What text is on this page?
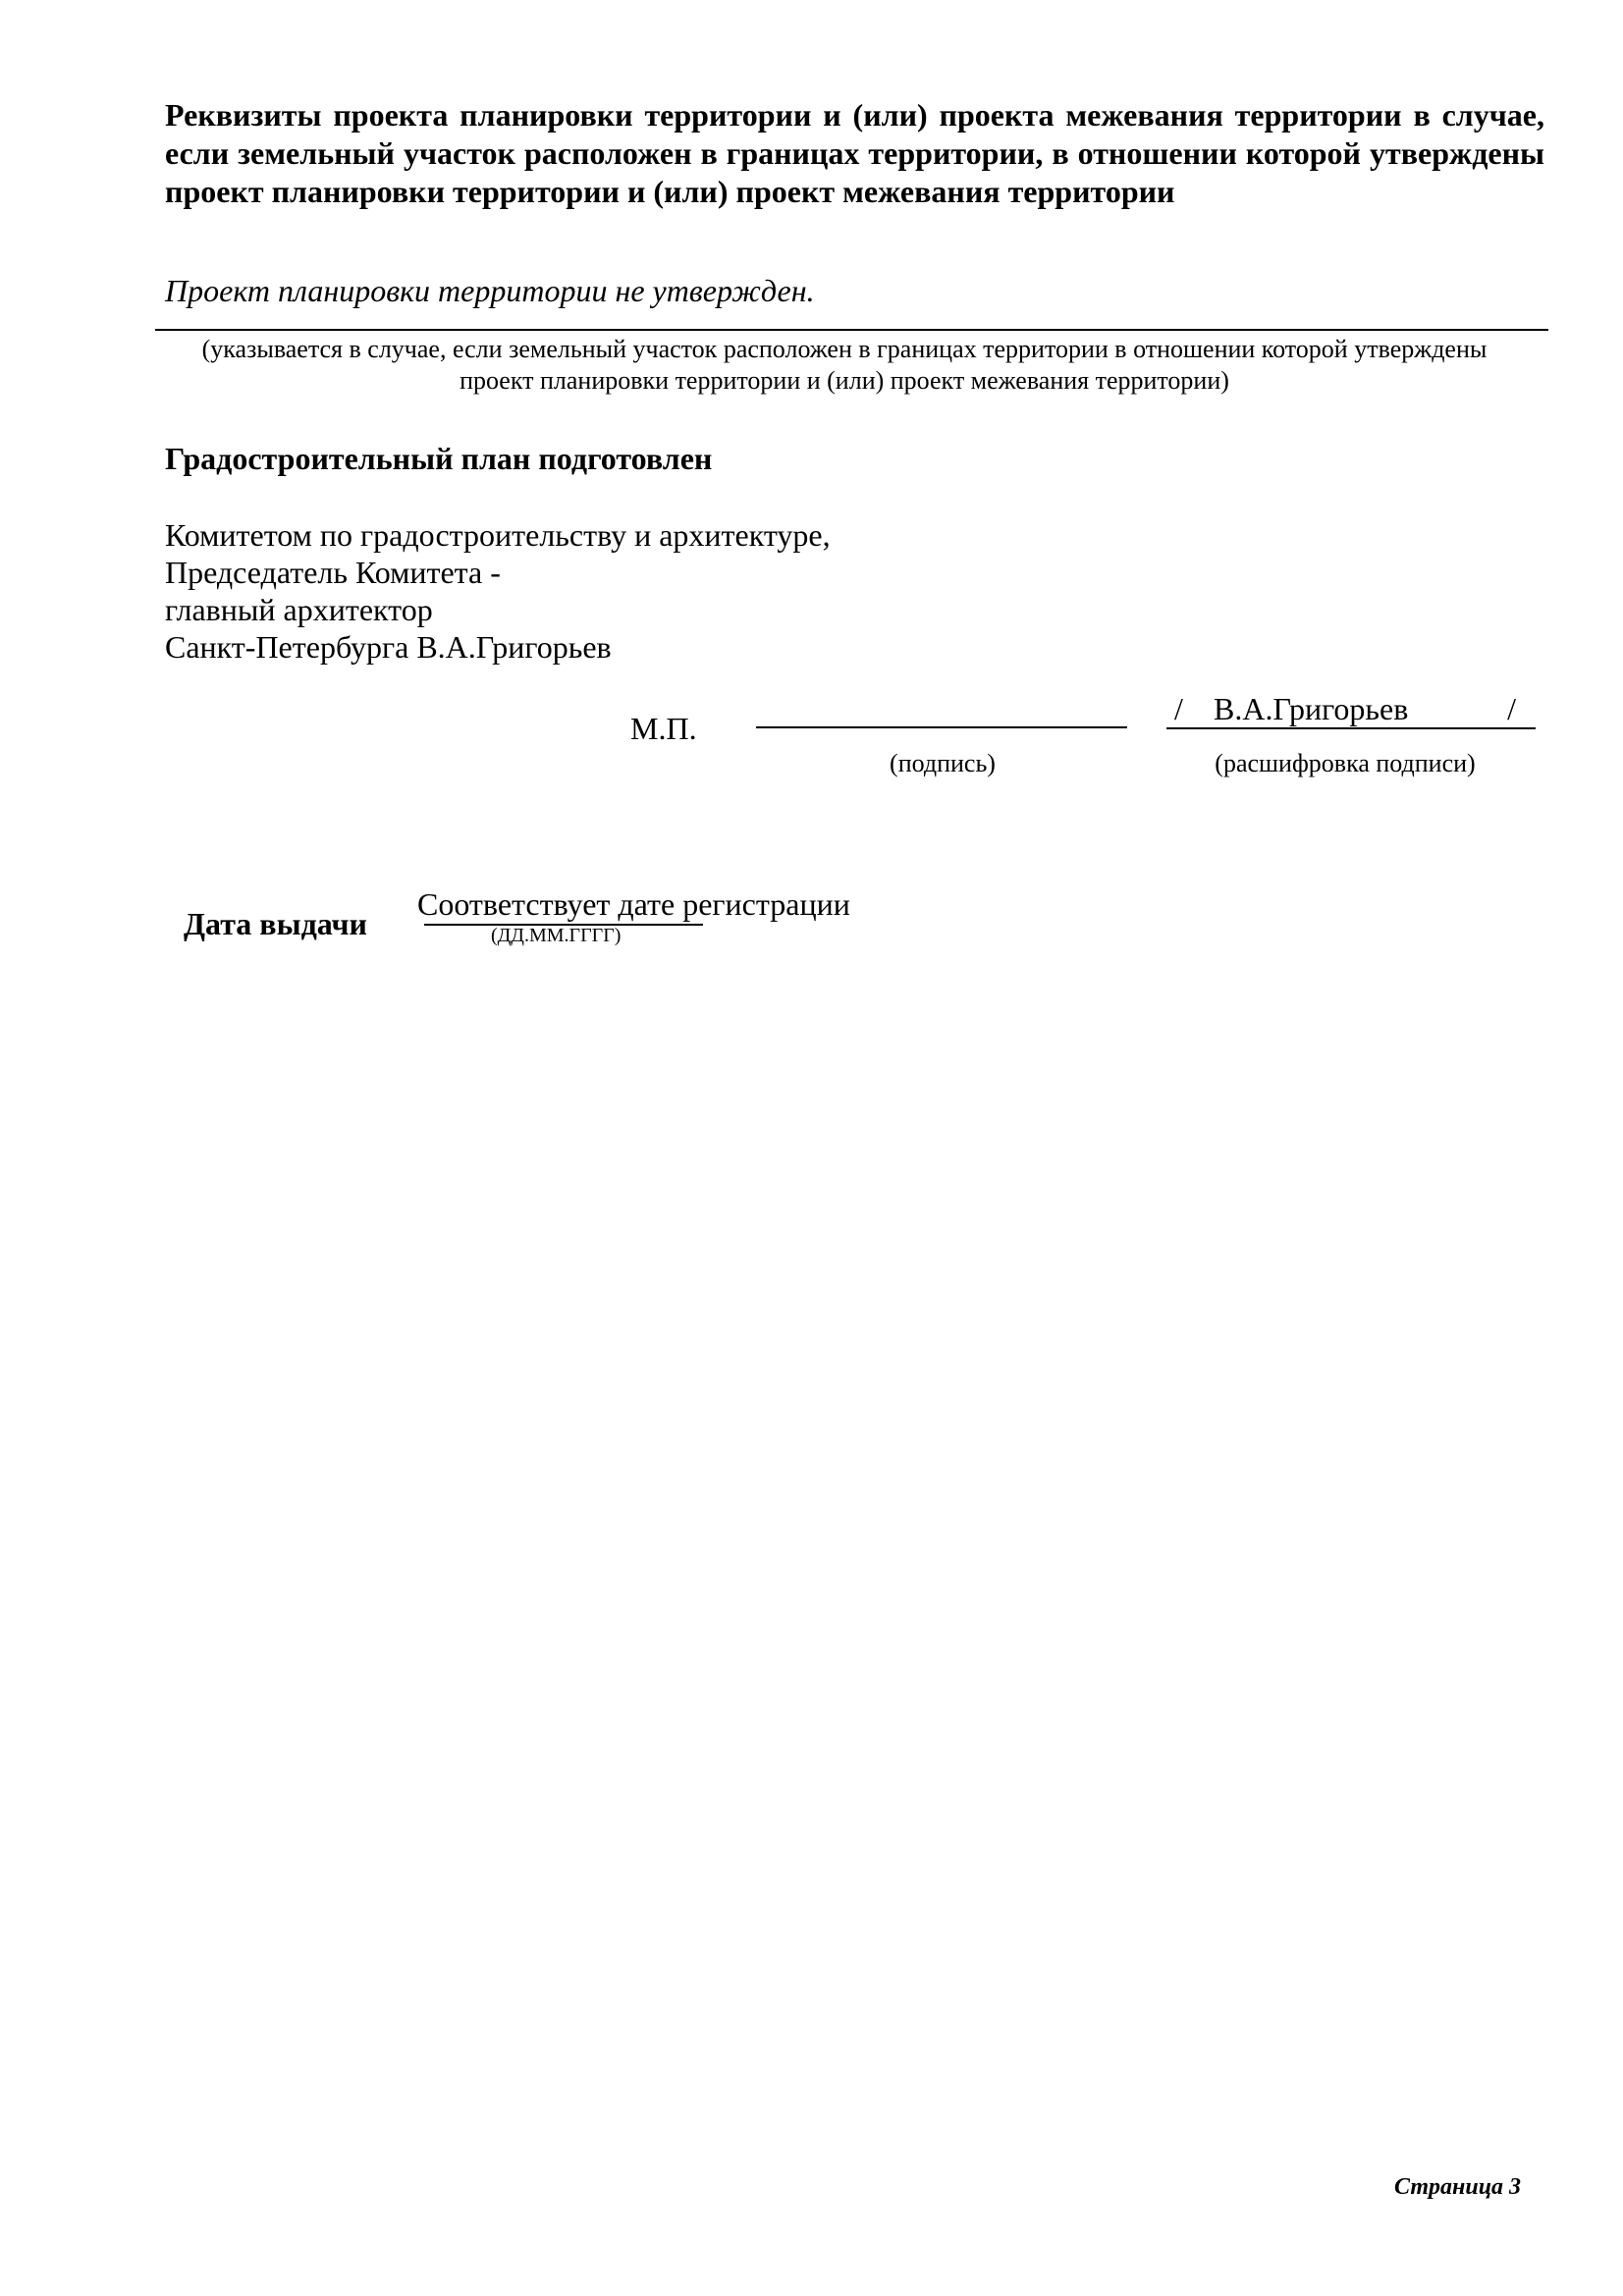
Реквизиты проекта планировки территории и (или) проекта межевания территории в случае, если земельный участок расположен в границах территории, в отношении которой утверждены проект планировки территории и (или) проект межевания территории

Проект планировки территории не утвержден.

(указывается в случае, если земельный участок расположен в границах территории в отношении которой утверждены проект планировки территории и (или) проект межевания территории)

Градостроительный план подготовлен

Комитетом по градостроительству и архитектуре,
Председатель Комитета -
главный архитектор
Санкт-Петербурга В.А.Григорьев
М.П.
(подпись)
/ В.А.Григорьев	/
(расшифровка подписи)
Дата выдачи
Соответствует дате регистрации
(ДД.ММ.ГГГГ)
Страница 3
